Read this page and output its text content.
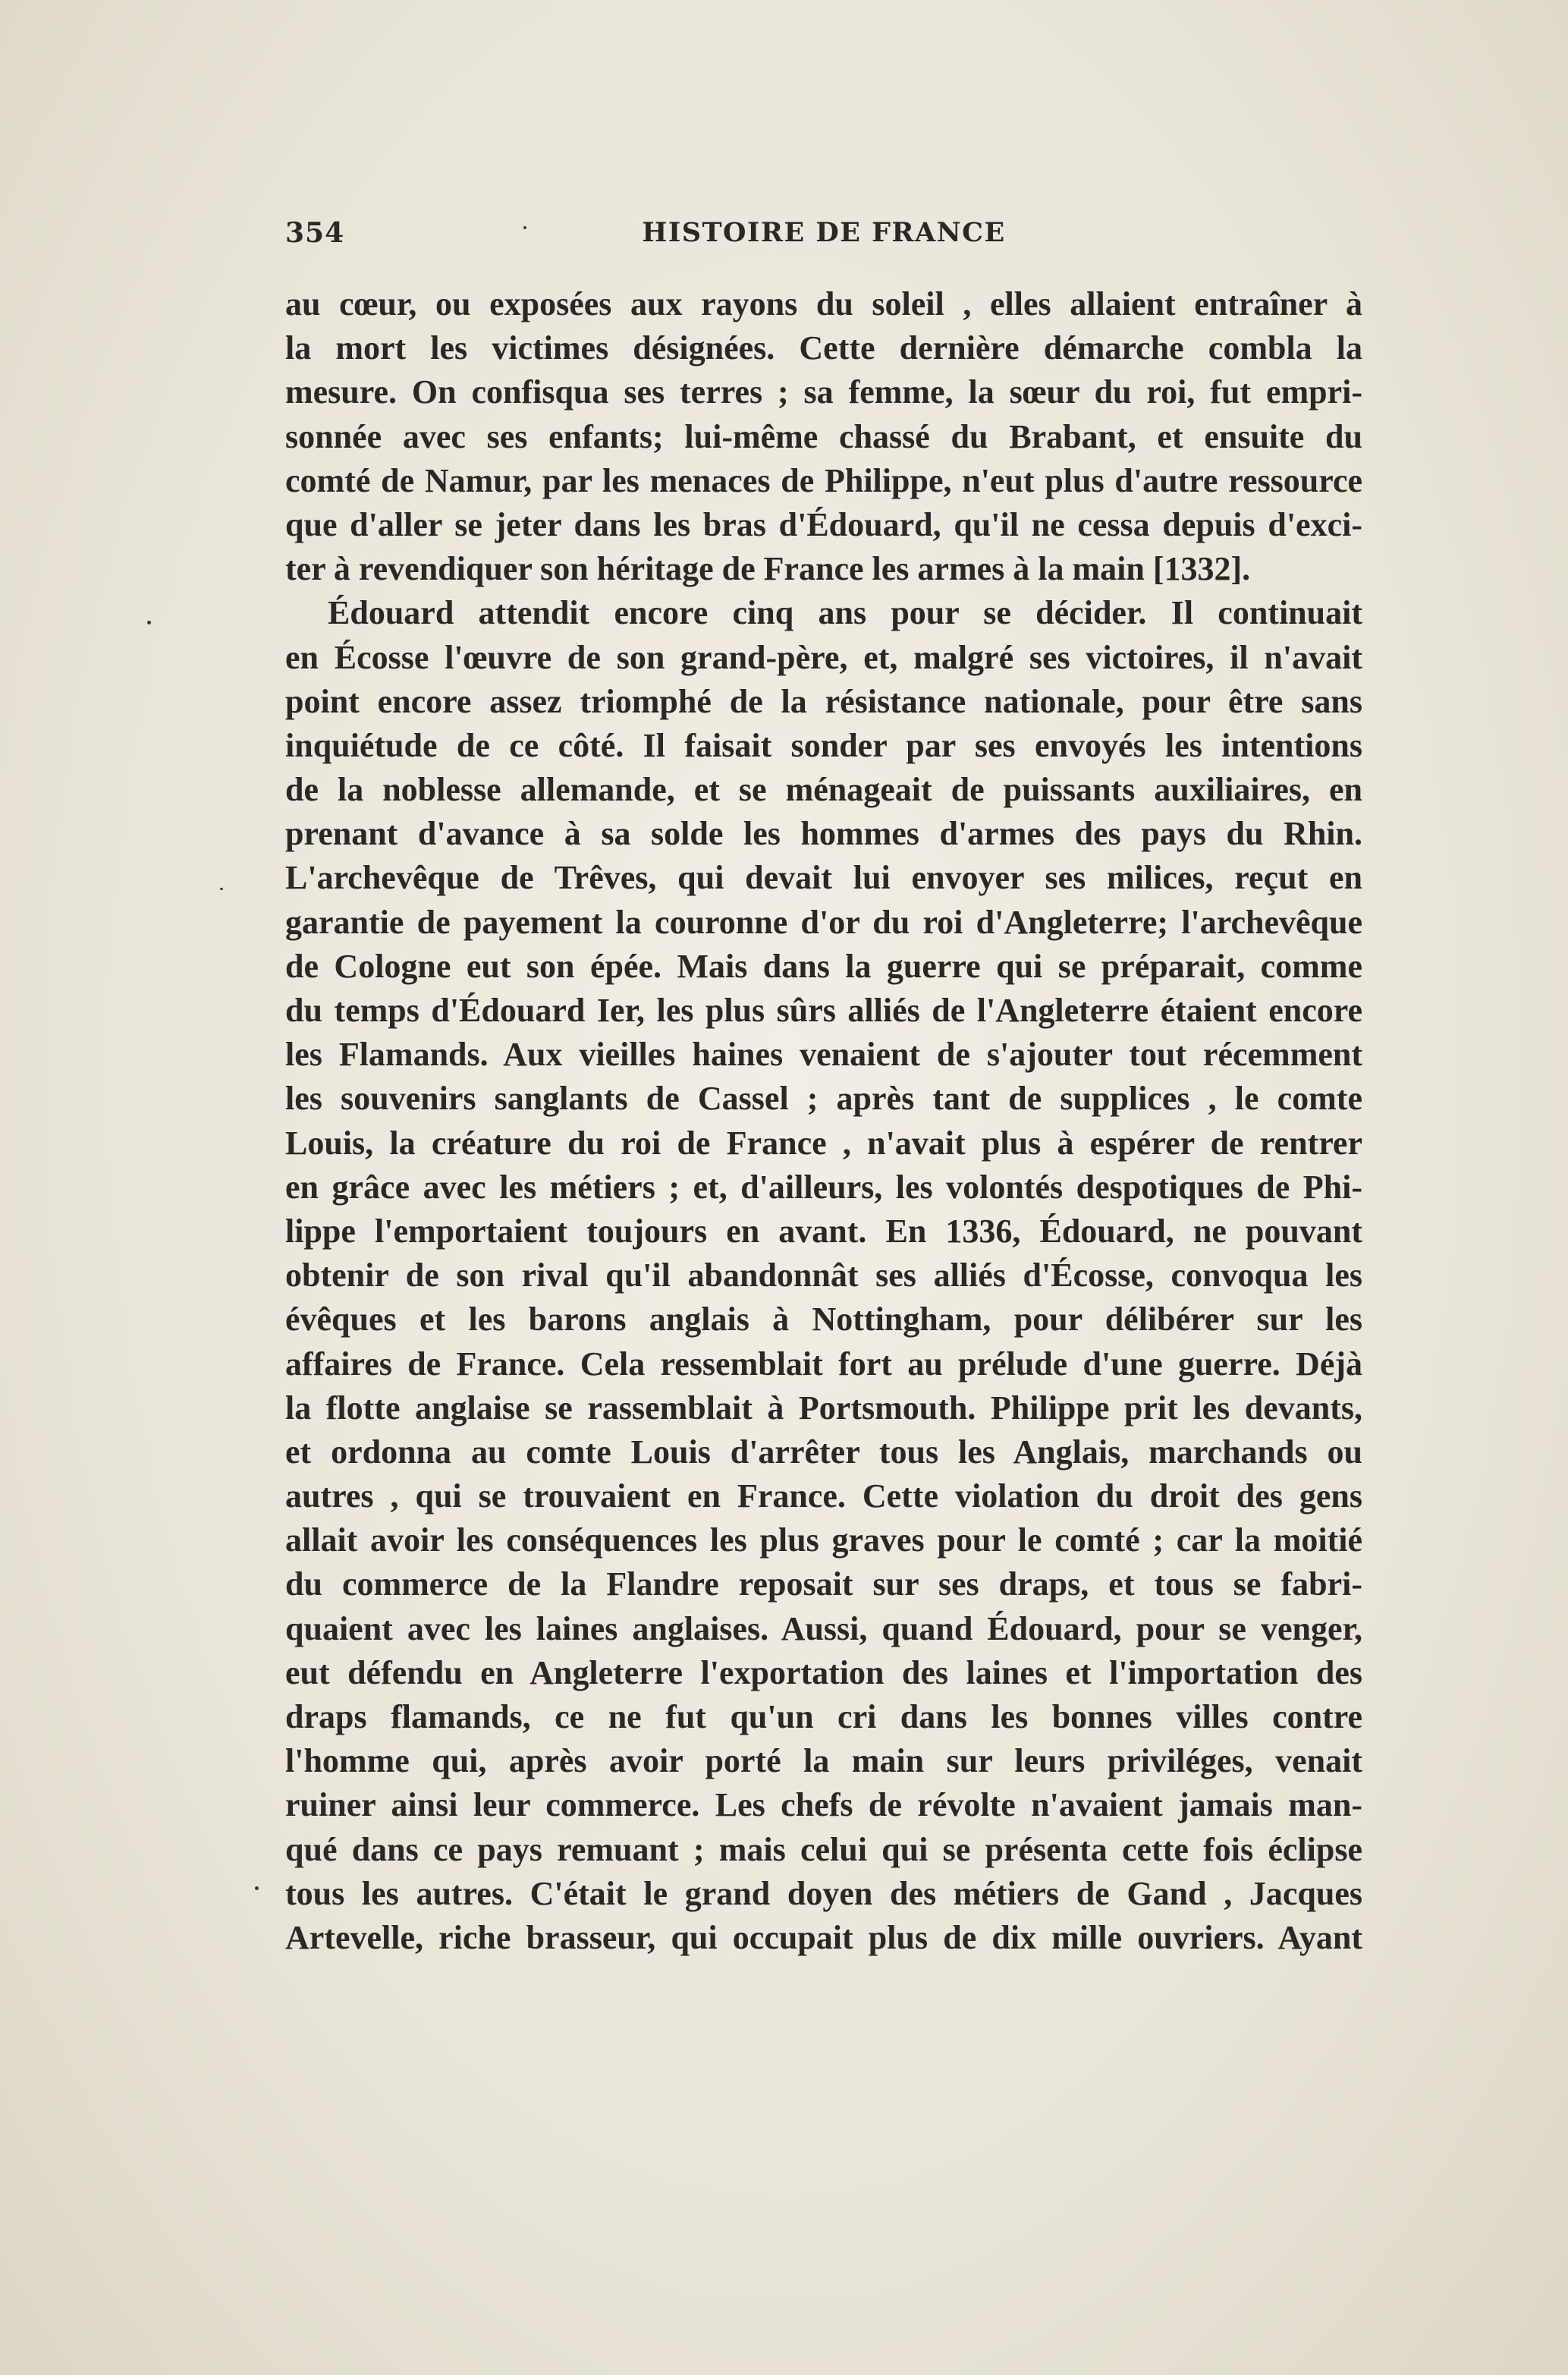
354	HISTOIRE DE FRANCE
au cœur, ou exposées aux rayons du soleil , elles allaient entraîner à
la mort les victimes désignées. Cette dernière démarche combla la
mesure. On confisqua ses terres ; sa femme, la sœur du roi, fut empri-
sonnée avec ses enfants; lui-même chassé du Brabant, et ensuite du
comté de Namur, par les menaces de Philippe, n'eut plus d'autre ressource
que d'aller se jeter dans les bras d'Édouard, qu'il ne cessa depuis d'exci-
ter à revendiquer son héritage de France les armes à la main [1332].
Édouard attendit encore cinq ans pour se décider. Il continuait
en Écosse l'œuvre de son grand-père, et, malgré ses victoires, il n'avait
point encore assez triomphé de la résistance nationale, pour être sans
inquiétude de ce côté. Il faisait sonder par ses envoyés les intentions
de la noblesse allemande, et se ménageait de puissants auxiliaires, en
prenant d'avance à sa solde les hommes d'armes des pays du Rhin.
L'archevêque de Trêves, qui devait lui envoyer ses milices, reçut en
garantie de payement la couronne d'or du roi d'Angleterre; l'archevêque
de Cologne eut son épée. Mais dans la guerre qui se préparait, comme
du temps d'Édouard Ier, les plus sûrs alliés de l'Angleterre étaient encore
les Flamands. Aux vieilles haines venaient de s'ajouter tout récemment
les souvenirs sanglants de Cassel ; après tant de supplices , le comte
Louis, la créature du roi de France , n'avait plus à espérer de rentrer
en grâce avec les métiers ; et, d'ailleurs, les volontés despotiques de Phi-
lippe l'emportaient toujours en avant. En 1336, Édouard, ne pouvant
obtenir de son rival qu'il abandonnât ses alliés d'Écosse, convoqua les
évêques et les barons anglais à Nottingham, pour délibérer sur les
affaires de France. Cela ressemblait fort au prélude d'une guerre. Déjà
la flotte anglaise se rassemblait à Portsmouth. Philippe prit les devants,
et ordonna au comte Louis d'arrêter tous les Anglais, marchands ou
autres , qui se trouvaient en France. Cette violation du droit des gens
allait avoir les conséquences les plus graves pour le comté ; car la moitié
du commerce de la Flandre reposait sur ses draps, et tous se fabri-
quaient avec les laines anglaises. Aussi, quand Édouard, pour se venger,
eut défendu en Angleterre l'exportation des laines et l'importation des
draps flamands, ce ne fut qu'un cri dans les bonnes villes contre
l'homme qui, après avoir porté la main sur leurs priviléges, venait
ruiner ainsi leur commerce. Les chefs de révolte n'avaient jamais man-
qué dans ce pays remuant ; mais celui qui se présenta cette fois éclipse
tous les autres. C'était le grand doyen des métiers de Gand , Jacques
Artevelle, riche brasseur, qui occupait plus de dix mille ouvriers. Ayant
